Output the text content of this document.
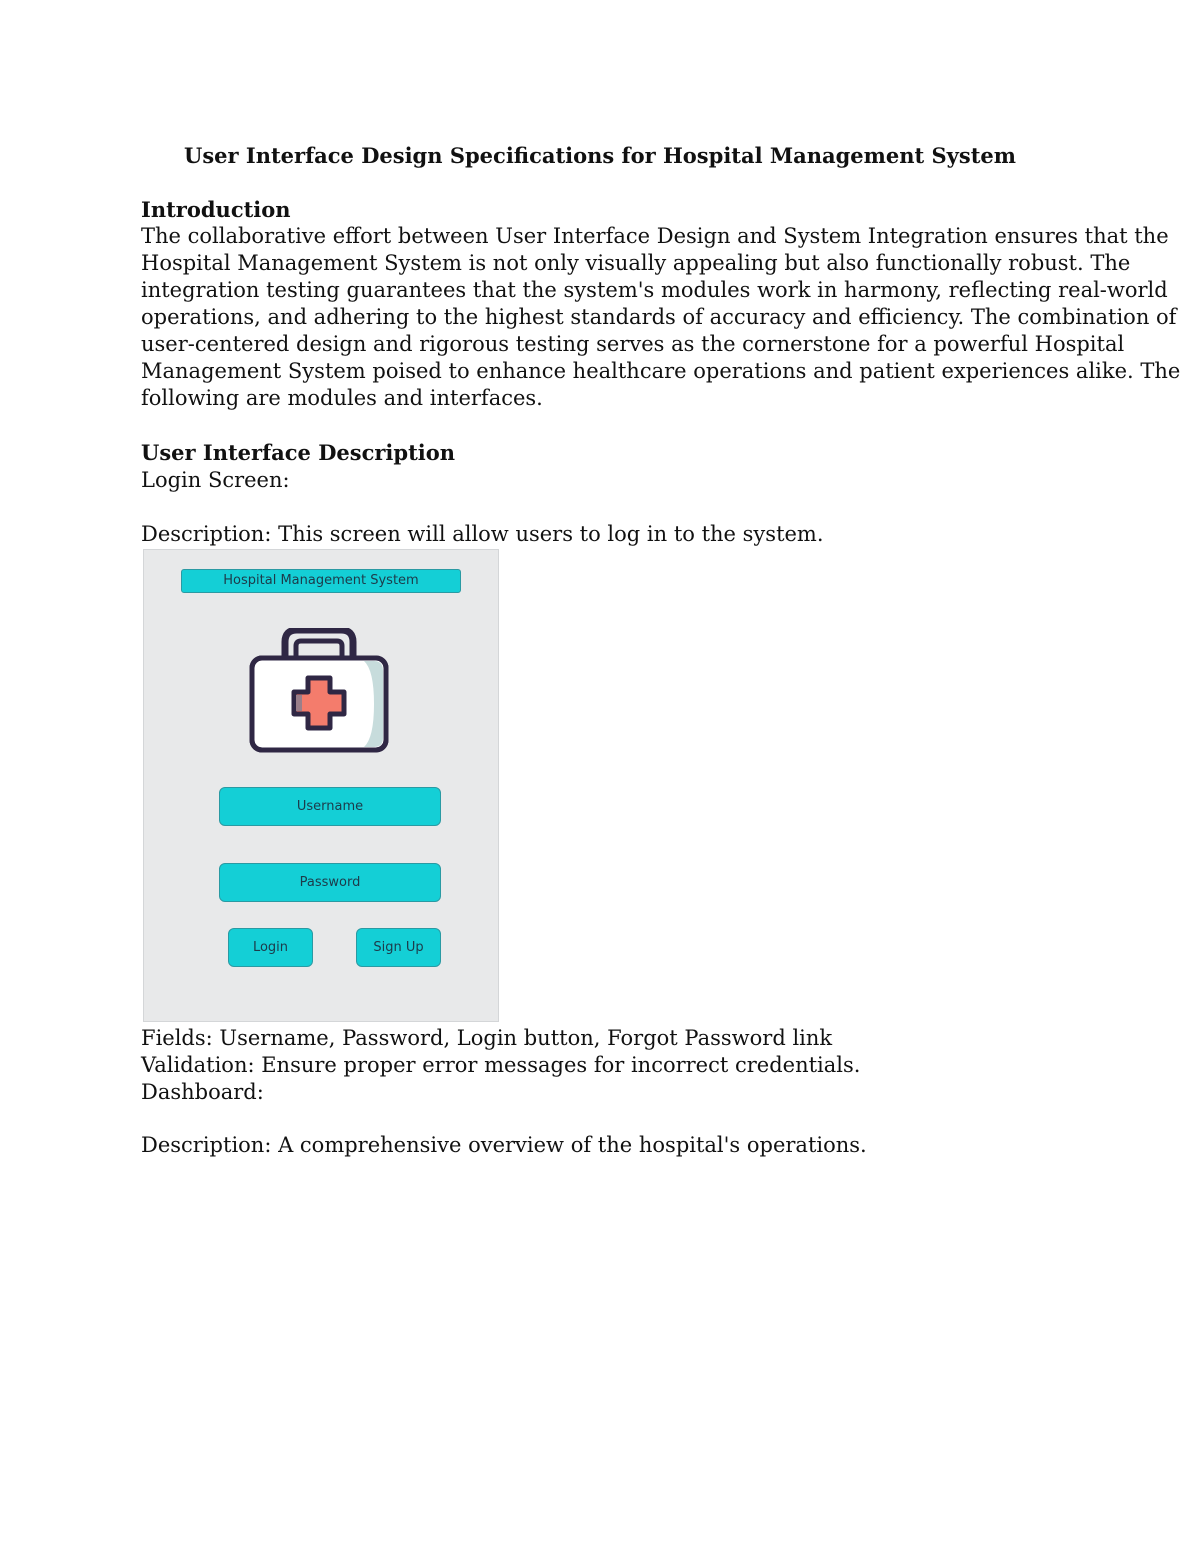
User Interface Design Specifications for Hospital Management System
Introduction
The collaborative effort between User Interface Design and System Integration ensures that the
Hospital Management System is not only visually appealing but also functionally robust. The
integration testing guarantees that the system's modules work in harmony, reflecting real-world
operations, and adhering to the highest standards of accuracy and efficiency. The combination of
user-centered design and rigorous testing serves as the cornerstone for a powerful Hospital
Management System poised to enhance healthcare operations and patient experiences alike. The
following are modules and interfaces.
User Interface Description
Login Screen:
Description: This screen will allow users to log in to the system.
Hospital Management System
Username
Password
Login	Sign Up
Fields: Username, Password, Login button, Forgot Password link
Validation: Ensure proper error messages for incorrect credentials.
Dashboard:
Description: A comprehensive overview of the hospital's operations.
